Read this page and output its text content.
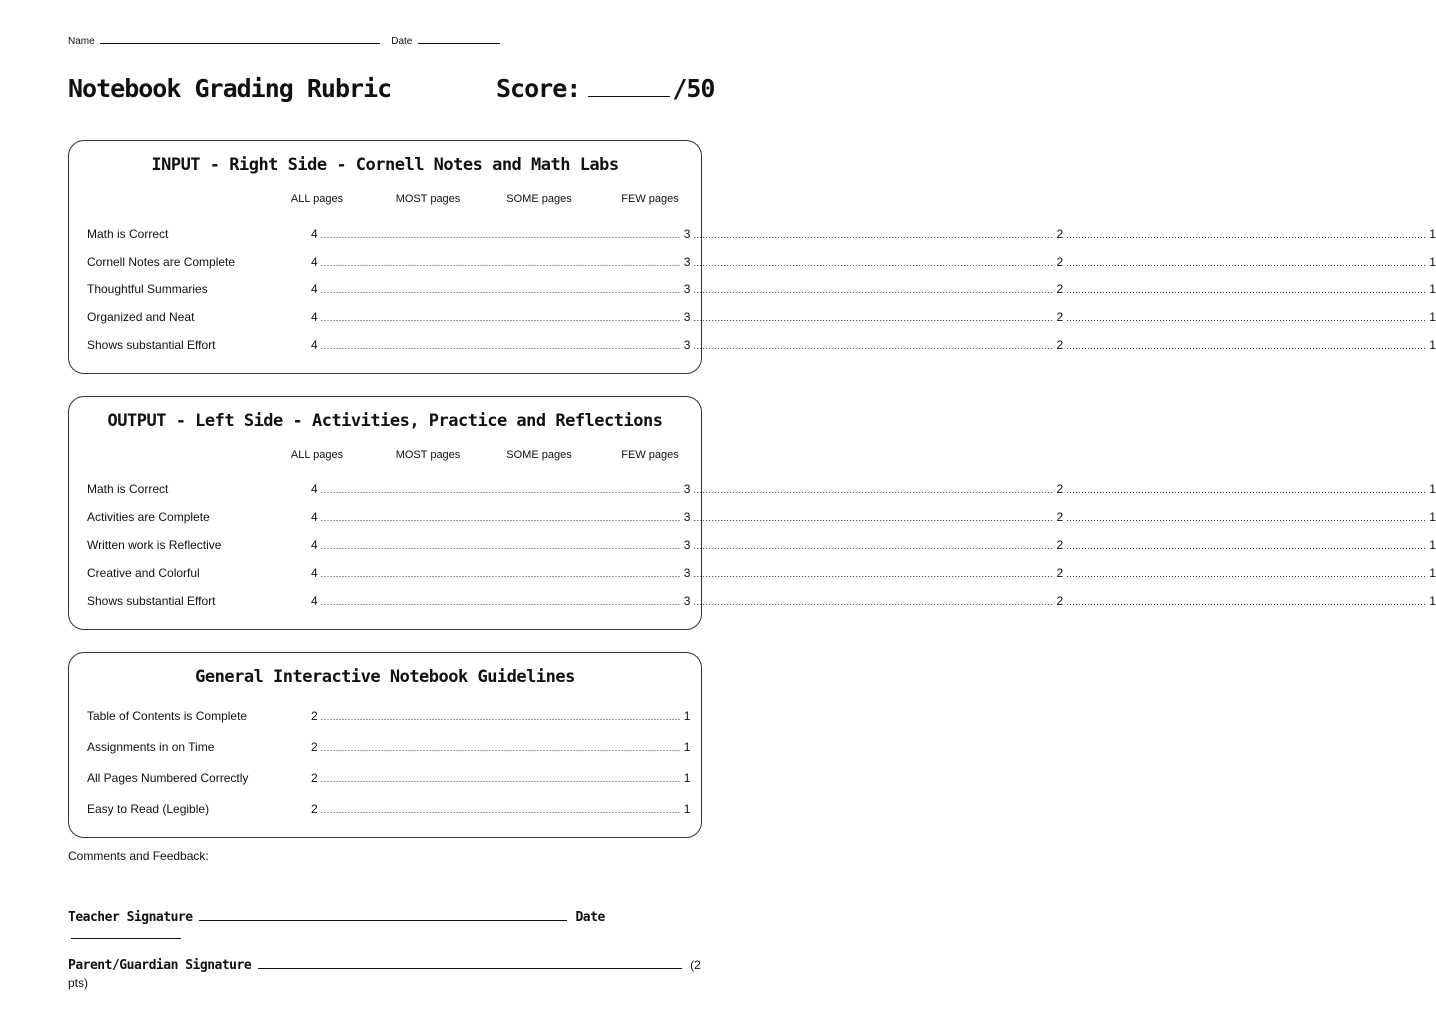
Name	Date
Notebook Grading Rubric	Score:	/50
INPUT - Right Side - Cornell Notes and Math Labs
ALL pages	MOST pages	SOME pages	FEW pages
Math is Correct	4 ........................................................................................................................ 3 ........................................................................................................................ 2 ........................................................................................................................ 1
Cornell Notes are Complete	4 ........................................................................................................................ 3 ........................................................................................................................ 2 ........................................................................................................................ 1
Thoughtful Summaries	4 ........................................................................................................................ 3 ........................................................................................................................ 2 ........................................................................................................................ 1
Organized and Neat	4 ........................................................................................................................ 3 ........................................................................................................................ 2 ........................................................................................................................ 1
Shows substantial Effort	4 ........................................................................................................................ 3 ........................................................................................................................ 2 ........................................................................................................................ 1
OUTPUT - Left Side - Activities, Practice and Reflections
ALL pages	MOST pages	SOME pages	FEW pages
Math is Correct	4 ........................................................................................................................ 3 ........................................................................................................................ 2 ........................................................................................................................ 1
Activities are Complete	4 ........................................................................................................................ 3 ........................................................................................................................ 2 ........................................................................................................................ 1
Written work is Reflective	4 ........................................................................................................................ 3 ........................................................................................................................ 2 ........................................................................................................................ 1
Creative and Colorful	4 ........................................................................................................................ 3 ........................................................................................................................ 2 ........................................................................................................................ 1
Shows substantial Effort	4 ........................................................................................................................ 3 ........................................................................................................................ 2 ........................................................................................................................ 1
General Interactive Notebook Guidelines
Table of Contents is Complete	2 ........................................................................................................................ 1
Assignments in on Time	2 ........................................................................................................................ 1
All Pages Numbered Correctly	2 ........................................................................................................................ 1
Easy to Read (Legible)	2 ........................................................................................................................ 1
Comments and Feedback:
Teacher Signature	Date
Parent/Guardian Signature	(2 pts)
